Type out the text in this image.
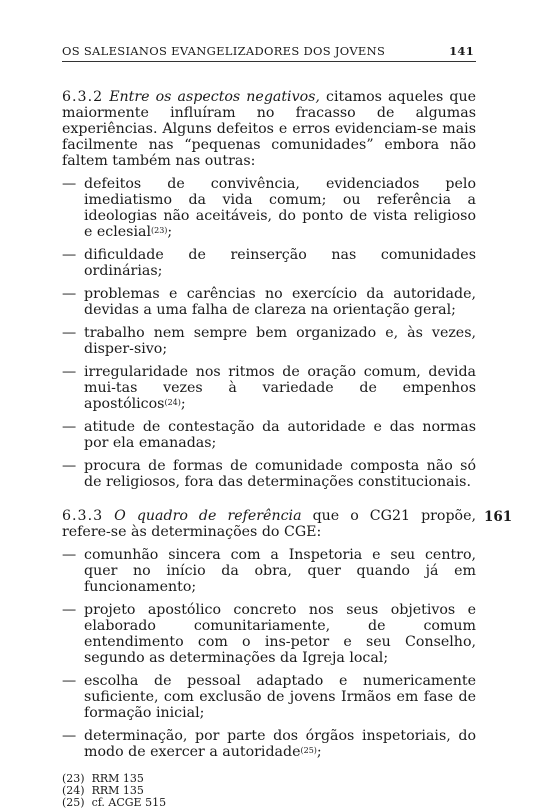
OS SALESIANOS EVANGELIZADORES DOS JOVENS	141
6.3.2 Entre os aspectos negativos, citamos aqueles que maiormente influíram no fracasso de algumas experiências. Alguns defeitos e erros evidenciam-se mais facilmente nas “pequenas comunidades” embora não faltem também nas outras:
— defeitos de convivência, evidenciados pelo imediatismo da vida comum; ou referência a ideologias não aceitáveis, do ponto de vista religioso e eclesial$^{(23)}$;
— dificuldade de reinserção nas comunidades ordinárias;
— problemas e carências no exercício da autoridade, devidas a uma falha de clareza na orientação geral;
— trabalho nem sempre bem organizado e, às vezes, disper-sivo;
— irregularidade nos ritmos de oração comum, devida mui-tas vezes à variedade de empenhos apostólicos$^{(24)}$;
— atitude de contestação da autoridade e das normas por ela emanadas;
— procura de formas de comunidade composta não só de religiosos, fora das determinações constitucionais.
6.3.3 O quadro de referência que o CG21 propõe, refere-se às determinações do CGE:
— comunhão sincera com a Inspetoria e seu centro, quer no início da obra, quer quando já em funcionamento;
— projeto apostólico concreto nos seus objetivos e elaborado comunitariamente, de comum entendimento com o ins-petor e seu Conselho, segundo as determinações da Igreja local;
— escolha de pessoal adaptado e numericamente suficiente, com exclusão de jovens Irmãos em fase de formação inicial;
— determinação, por parte dos órgãos inspetoriais, do modo de exercer a autoridade$^{(25)}$;
(23)  RRM 135
(24)  RRM 135
(25)  cf. ACGE 515
161
